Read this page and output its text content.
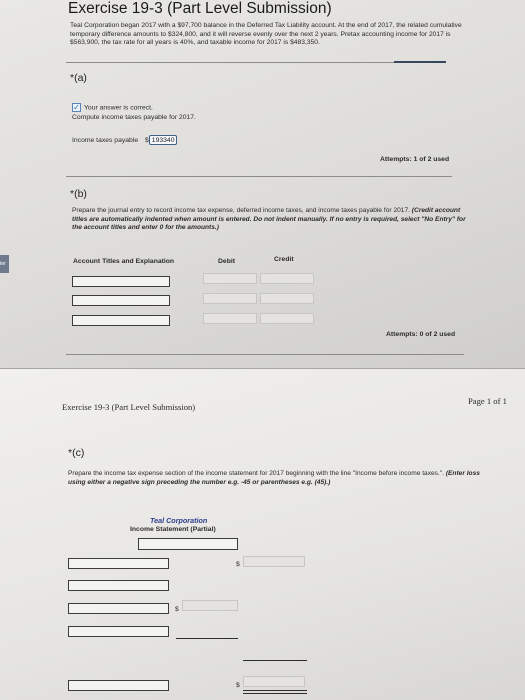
Exercise 19-3 (Part Level Submission)
Teal Corporation began 2017 with a $97,700 balance in the Deferred Tax Liability account. At the end of 2017, the related cumulative temporary difference amounts to $324,800, and it will reverse evenly over the next 2 years. Pretax accounting income for 2017 is $563,900, the tax rate for all years is 40%, and taxable income for 2017 is $483,350.
*(a)
✓ Your answer is correct.
Compute income taxes payable for 2017.
Income taxes payable $ 193340
Attempts: 1 of 2 used
*(b)
Prepare the journal entry to record income tax expense, deferred income taxes, and income taxes payable for 2017. (Credit account titles are automatically indented when amount is entered. Do not indent manually. If no entry is required, select "No Entry" for the account titles and enter 0 for the amounts.)
Account Titles and Explanation	Debit	Credit
ter
Attempts: 0 of 2 used
Exercise 19-3 (Part Level Submission)
Page 1 of 1
*(c)
Prepare the income tax expense section of the income statement for 2017 beginning with the line "Income before income taxes.". (Enter loss using either a negative sign preceding the number e.g. -45 or parentheses e.g. (45).)
Teal Corporation
Income Statement (Partial)
$
$
$
